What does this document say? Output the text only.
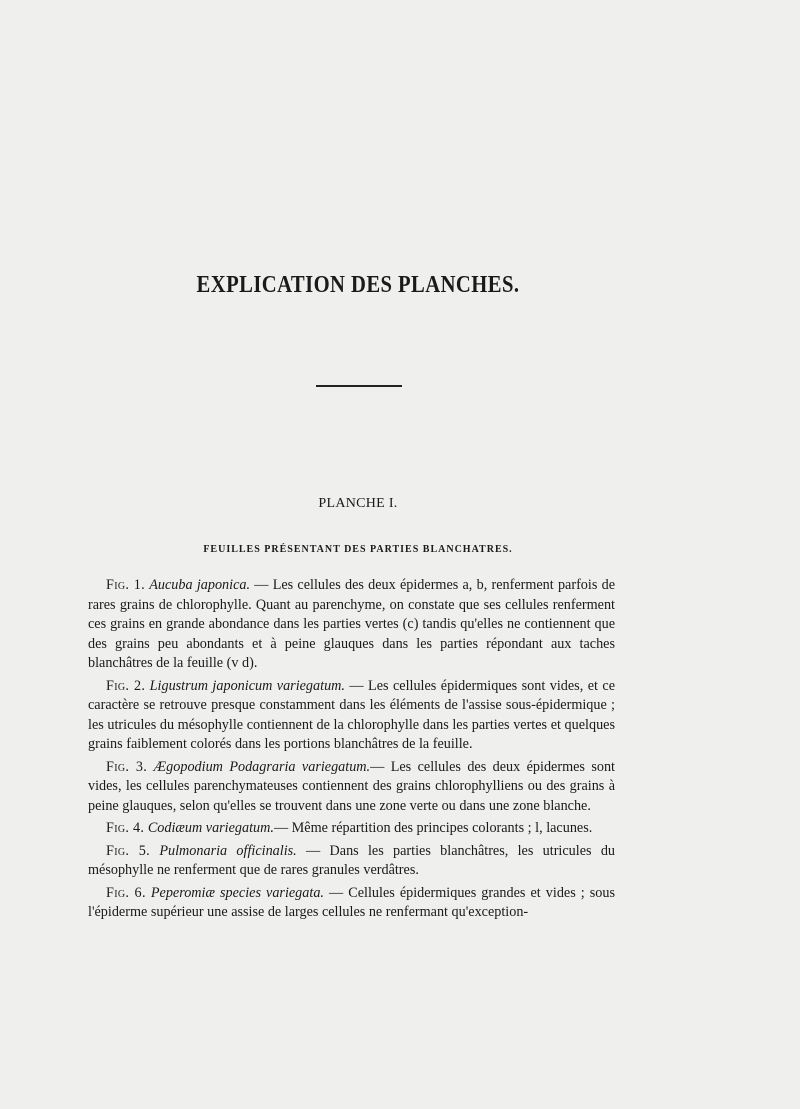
EXPLICATION DES PLANCHES.
PLANCHE I.
FEUILLES PRÉSENTANT DES PARTIES BLANCHATRES.

Fig. 1. Aucuba japonica. — Les cellules des deux épidermes a, b, renferment parfois de rares grains de chlorophylle. Quant au parenchyme, on constate que ses cellules renferment ces grains en grande abondance dans les parties vertes (c) tandis qu'elles ne contiennent que des grains peu abondants et à peine glauques dans les parties répondant aux taches blanchâtres de la feuille (v d).

Fig. 2. Ligustrum japonicum variegatum. — Les cellules épidermiques sont vides, et ce caractère se retrouve presque constamment dans les éléments de l'assise sous-épidermique ; les utricules du mésophylle contiennent de la chlorophylle dans les parties vertes et quelques grains faiblement colorés dans les portions blanchâtres de la feuille.

Fig. 3. Ægopodium Podagraria variegatum.— Les cellules des deux épidermes sont vides, les cellules parenchymateuses contiennent des grains chlorophylliens ou des grains à peine glauques, selon qu'elles se trouvent dans une zone verte ou dans une zone blanche.

Fig. 4. Codiæum variegatum.— Même répartition des principes colorants ; l, lacunes.

Fig. 5. Pulmonaria officinalis. — Dans les parties blanchâtres, les utricules du mésophylle ne renferment que de rares granules verdâtres.

Fig. 6. Peperomiæ species variegata. — Cellules épidermiques grandes et vides ; sous l'épiderme supérieur une assise de larges cellules ne renfermant qu'exception-
